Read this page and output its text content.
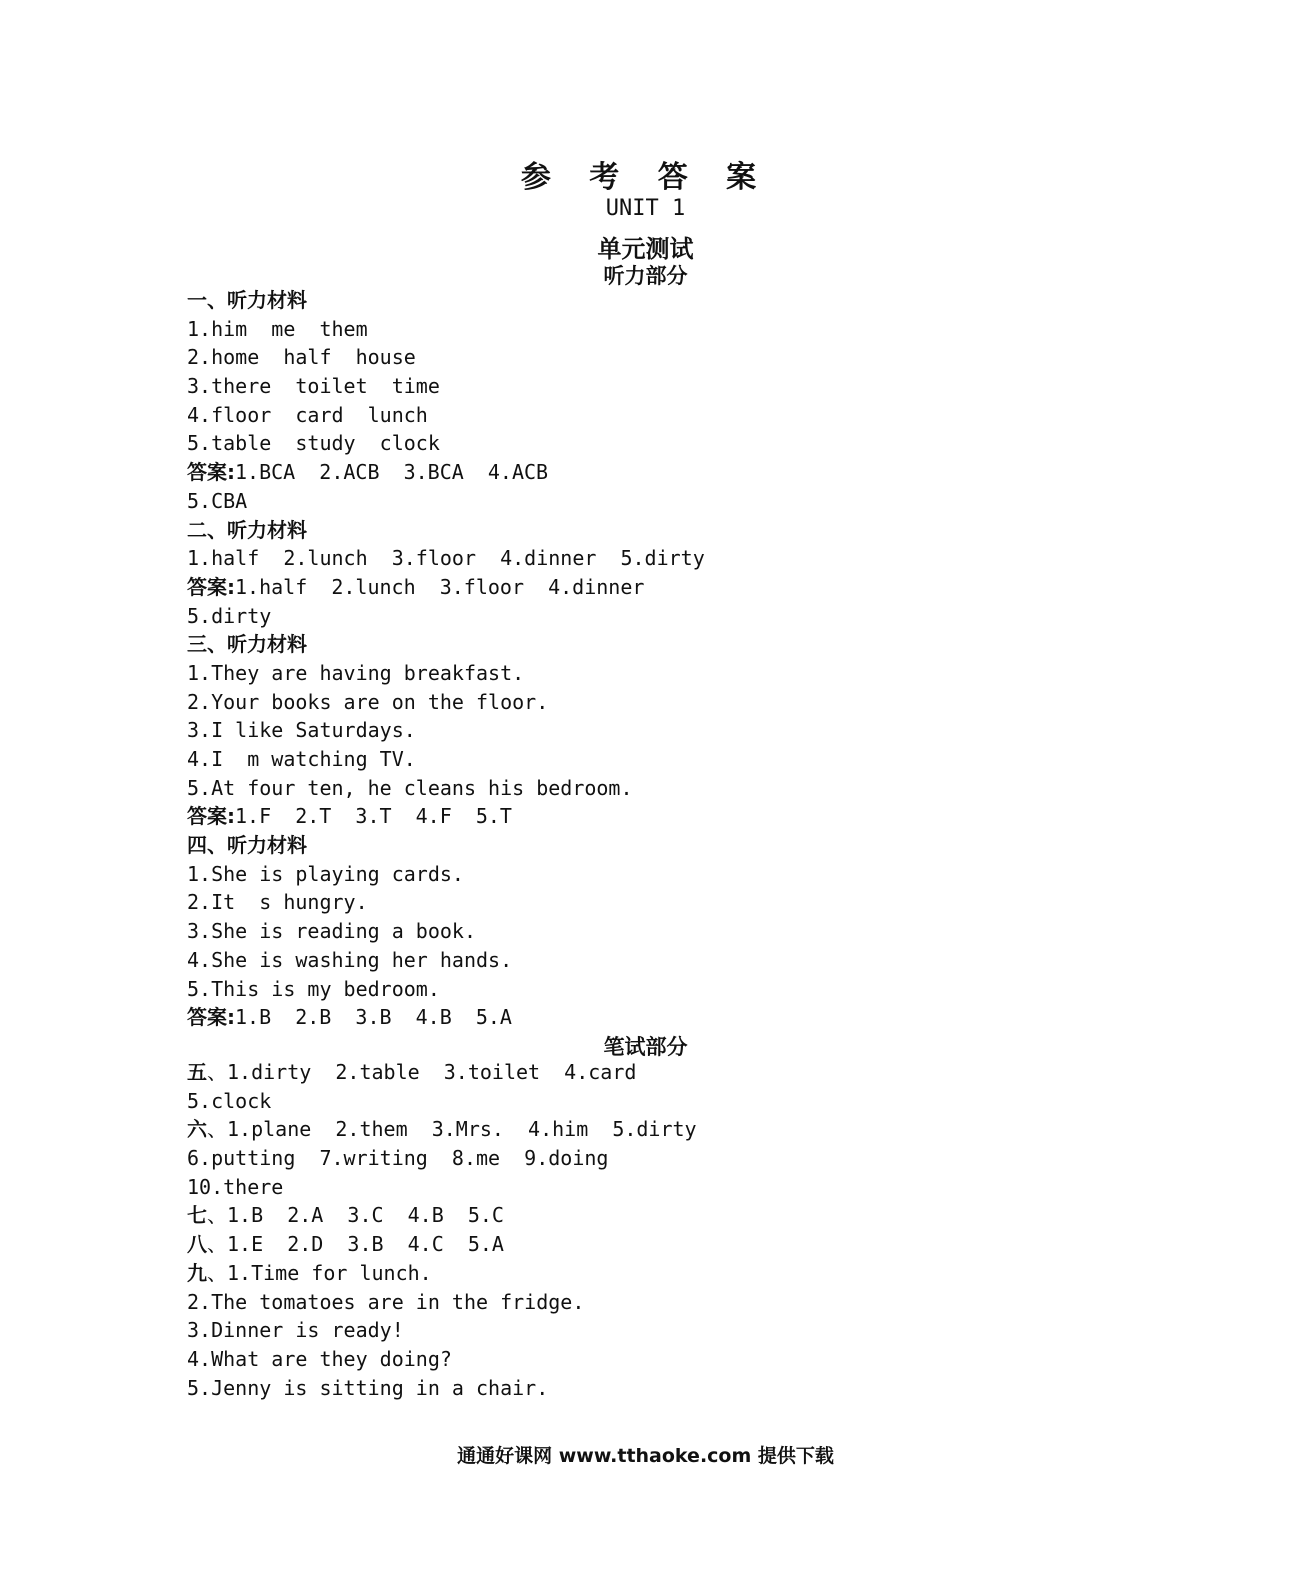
参 考 答 案
UNIT 1
单元测试
听力部分
一、听力材料
1.him  me  them
2.home  half  house
3.there  toilet  time
4.floor  card  lunch
5.table  study  clock
答案:1.BCA  2.ACB  3.BCA  4.ACB
5.CBA
二、听力材料
1.half  2.lunch  3.floor  4.dinner  5.dirty
答案:1.half  2.lunch  3.floor  4.dinner
5.dirty
三、听力材料
1.They are having breakfast.
2.Your books are on the floor.
3.I like Saturdays.
4.I  m watching TV.
5.At four ten, he cleans his bedroom.
答案:1.F  2.T  3.T  4.F  5.T
四、听力材料
1.She is playing cards.
2.It  s hungry.
3.She is reading a book.
4.She is washing her hands.
5.This is my bedroom.
答案:1.B  2.B  3.B  4.B  5.A
笔试部分
五、1.dirty  2.table  3.toilet  4.card
5.clock
六、1.plane  2.them  3.Mrs.  4.him  5.dirty
6.putting  7.writing  8.me  9.doing
10.there
七、1.B  2.A  3.C  4.B  5.C
八、1.E  2.D  3.B  4.C  5.A
九、1.Time for lunch.
2.The tomatoes are in the fridge.
3.Dinner is ready!
4.What are they doing?
5.Jenny is sitting in a chair.
通通好课网 www.tthaoke.com 提供下载
